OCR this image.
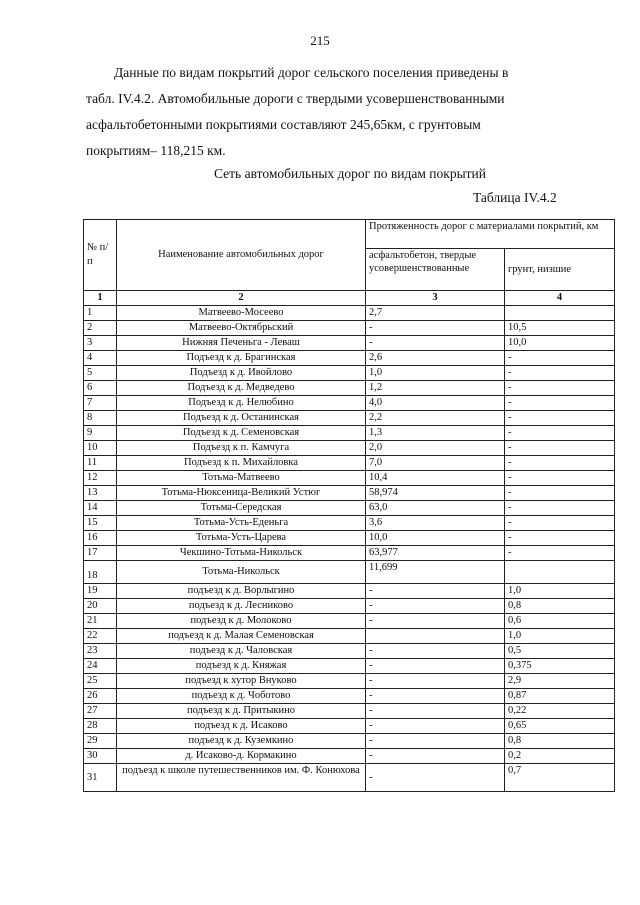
215

Данные по видам покрытий дорог сельского поселения приведены в
табл. IV.4.2. Автомобильные дороги с твердыми усовершенствованными
асфальтобетонными покрытиями составляют 245,65км, с грунтовым
покрытиям– 118,215 км.

Сеть автомобильных дорог по видам покрытий
Таблица IV.4.2
№ п/п	Наименование автомобильных дорог	Протяженность дорог с материалами покрытий, км	
		асфальтобетон, твердые усовершенствованные	грунт, низшие
1	2	3	4
1	Матвеево-Мосеево	2,7	
2	Матвеево-Октябрьский	-	10,5
3	Нижняя Печеньга - Леваш	-	10,0
4	Подъезд к д. Брагинская	2,6	-
5	Подъезд к д. Ивойлово	1,0	-
6	Подъезд к д. Медведево	1,2	-
7	Подъезд к д. Нелюбино	4,0	-
8	Подъезд к д. Останинская	2,2	-
9	Подъезд к д. Семеновская	1,3	-
10	Подъезд к п. Камчуга	2,0	-
11	Подъезд к п. Михайловка	7,0	-
12	Тотьма-Матвеево	10,4	-
13	Тотьма-Нюксеница-Великий Устюг	58,974	-
14	Тотьма-Середская	63,0	-
15	Тотьма-Усть-Еденьга	3,6	-
16	Тотьма-Усть-Царева	10,0	-
17	Чекшино-Тотьма-Никольск	63,977	-
18	Тотьма-Никольск	11,699	
19	подъезд к д. Ворлыгино	-	1,0
20	подъезд к д. Лесниково	-	0,8
21	подъезд к д. Молоково	-	0,6
22	подъезд к д. Малая Семеновская		1,0
23	подъезд к д. Чаловская	-	0,5
24	подъезд к д. Княжая	-	0,375
25	подъезд к хутор Внуково	-	2,9
26	подъезд к д. Чоботово	-	0,87
27	подъезд к д. Притыкино	-	0,22
28	подъезд к д. Исаково	-	0,65
29	подъезд к д. Куземкино	-	0,8
30	д. Исаково-д. Кормакино	-	0,2
31	подъезд к школе путешественников им. Ф. Конюхова	-	0,7
